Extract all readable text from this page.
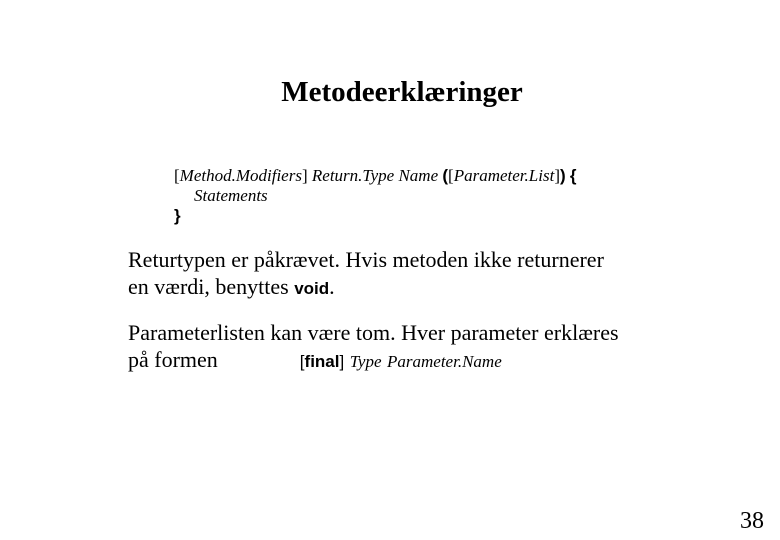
Metodeerklæringer
[Method.Modifiers] Return.Type Name ([Parameter.List]) {
Statements
}
Returtypen er påkrævet. Hvis metoden ikke returnerer
en værdi, benyttes void.
Parameterlisten kan være tom. Hver parameter erklæres
på formen	[final] Type Parameter.Name
38
